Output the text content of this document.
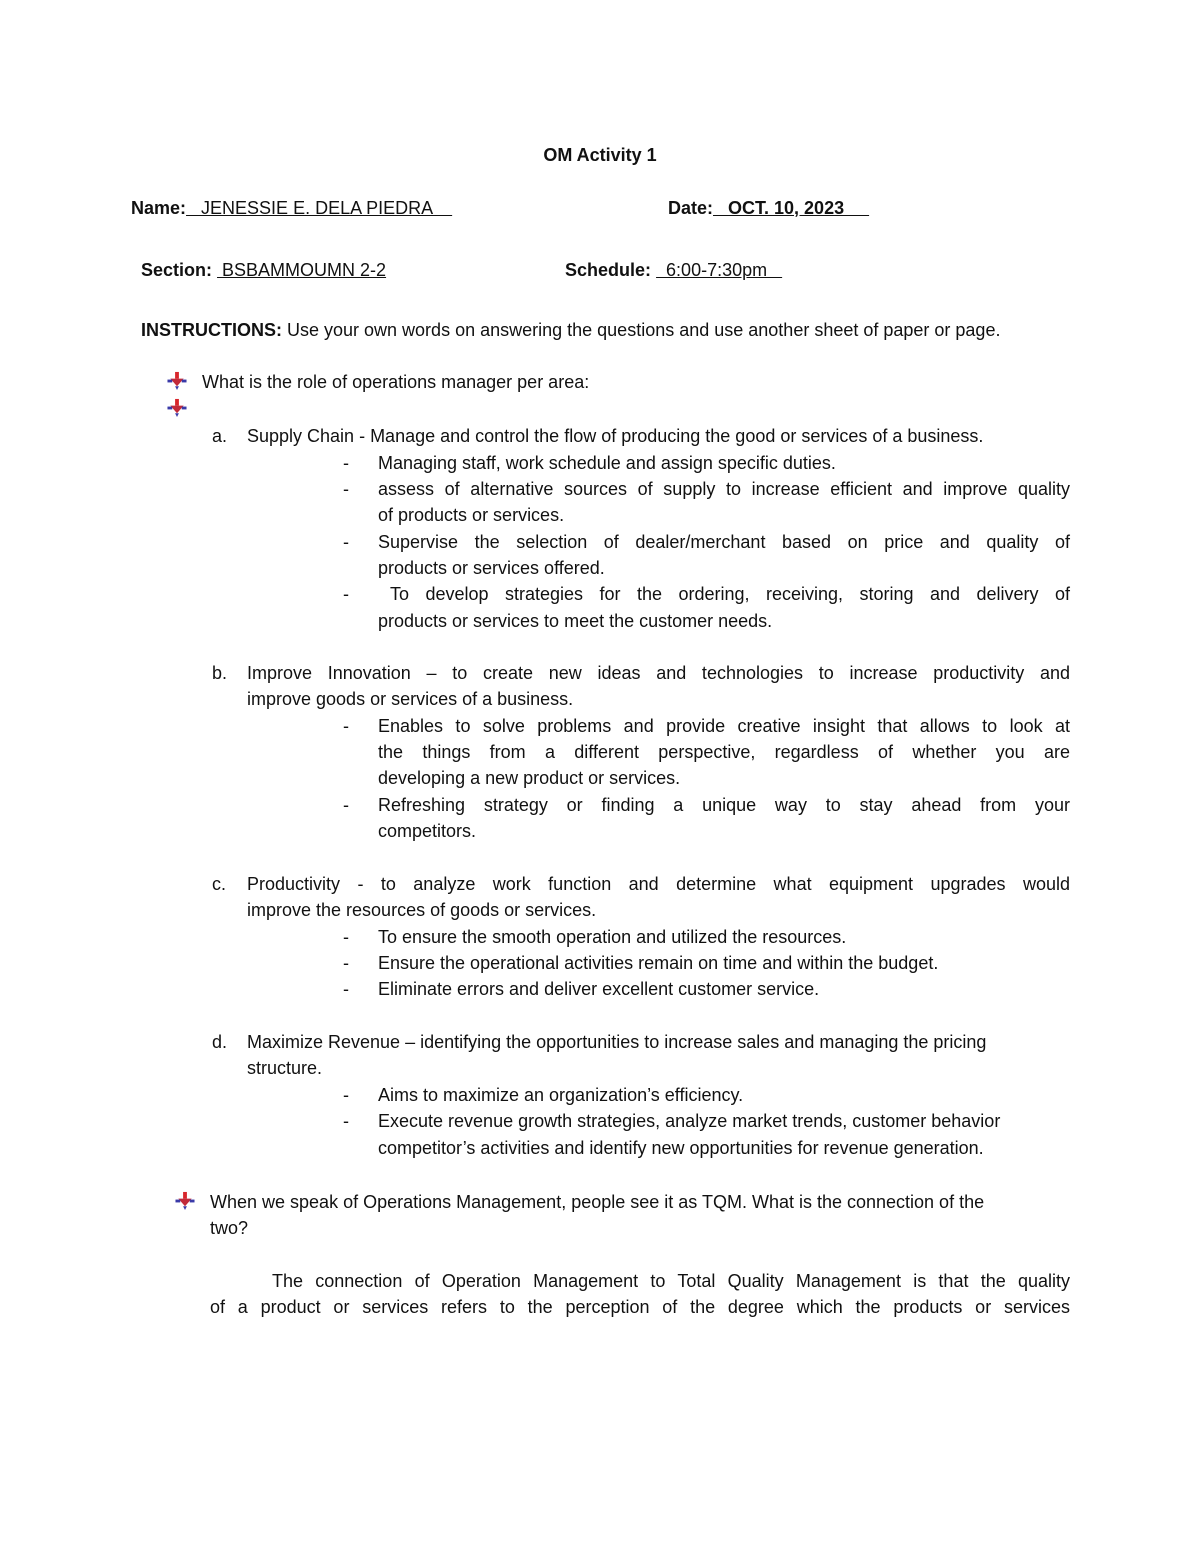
OM Activity 1
Name:   JENESSIE E. DELA PIEDRA	Date:   OCT. 10, 2023
Section:  BSBAMMOUMN 2-2	Schedule:   6:00-7:30pm
INSTRUCTIONS: Use your own words on answering the questions and use another sheet of paper or page.
What is the role of operations manager per area:
a. Supply Chain - Manage and control the flow of producing the good or services of a business.
- Managing staff, work schedule and assign specific duties.
- assess of alternative sources of supply to increase efficient and improve quality
of products or services.
- Supervise the selection of dealer/merchant based on price and quality of
products or services offered.
- To develop strategies for the ordering, receiving, storing and delivery of
products or services to meet the customer needs.
b. Improve Innovation – to create new ideas and technologies to increase productivity and
improve goods or services of a business.
- Enables to solve problems and provide creative insight that allows to look at
the things from a different perspective, regardless of whether you are
developing a new product or services.
- Refreshing strategy or finding a unique way to stay ahead from your
competitors.
c. Productivity - to analyze work function and determine what equipment upgrades would
improve the resources of goods or services.
- To ensure the smooth operation and utilized the resources.
- Ensure the operational activities remain on time and within the budget.
- Eliminate errors and deliver excellent customer service.
d. Maximize Revenue – identifying the opportunities to increase sales and managing the pricing
structure.
- Aims to maximize an organization’s efficiency.
- Execute revenue growth strategies, analyze market trends, customer behavior
competitor’s activities and identify new opportunities for revenue generation.
When we speak of Operations Management, people see it as TQM. What is the connection of the
two?
The connection of Operation Management to Total Quality Management is that the quality
of a product or services refers to the perception of the degree which the products or services
